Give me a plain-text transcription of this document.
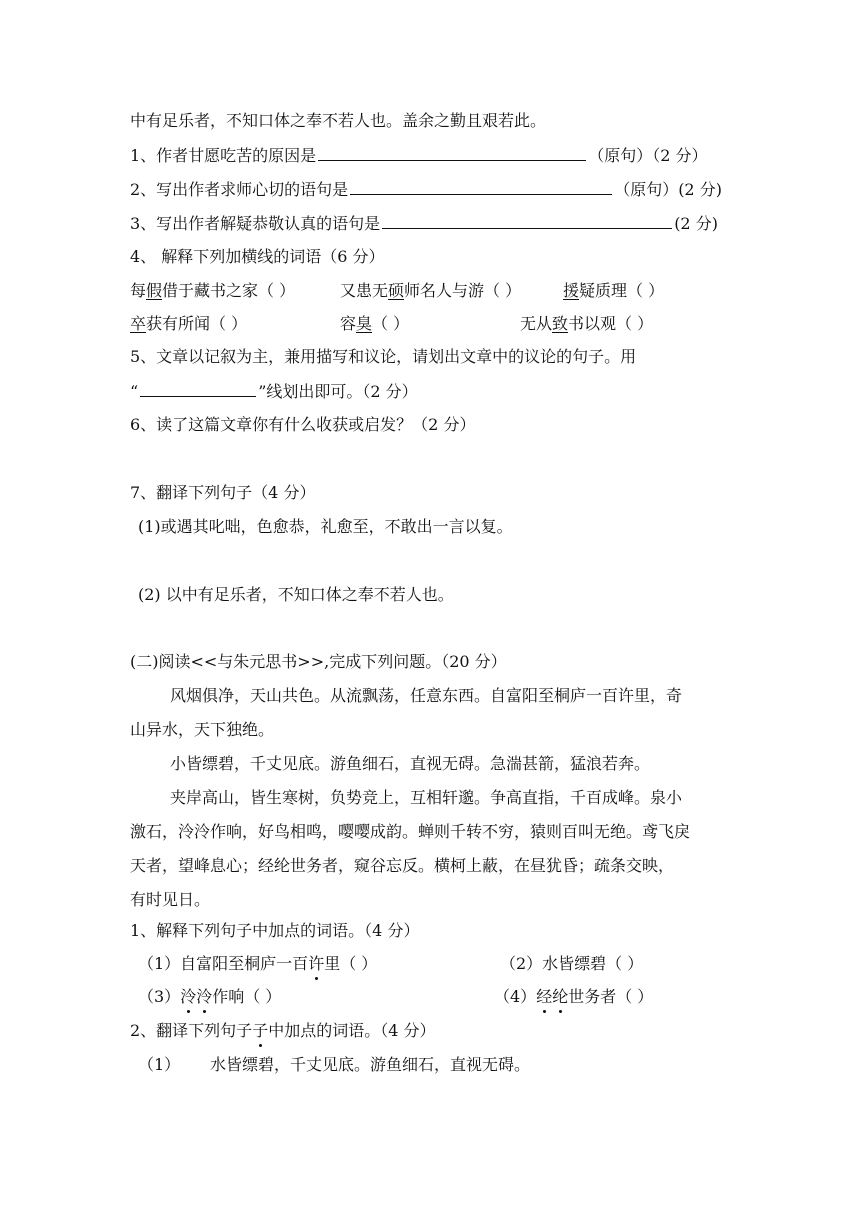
中有足乐者，不知口体之奉不若人也。盖余之勤且艰若此。
1、作者甘愿吃苦的原因是	（原句）（2 分）
2、写出作者求师心切的语句是	（原句）(2 分)
3、写出作者解疑恭敬认真的语句是	(2 分)
4、 解释下列加横线的词语（6 分）
每假借于藏书之家（ ）	又患无硕师名人与游（ ）	援疑质理（ ）
卒获有所闻（ ）	容臭（ ）	无从致书以观（ ）
5、文章以记叙为主，兼用描写和议论，请划出文章中的议论的句子。用
“	”线划出即可。（2 分）
6、读了这篇文章你有什么收获或启发？（2 分）
7、翻译下列句子（4 分）
(1)或遇其叱咄，色愈恭，礼愈至，不敢出一言以复。
(2) 以中有足乐者，不知口体之奉不若人也。
(二)阅读<<与朱元思书>>,完成下列问题。（20 分）
风烟俱净，天山共色。从流飘荡，任意东西。自富阳至桐庐一百许里，奇
山异水，天下独绝。
小皆缥碧，千丈见底。游鱼细石，直视无碍。急湍甚箭，猛浪若奔。
夹岸高山，皆生寒树，负势竞上，互相轩邈。争高直指，千百成峰。泉小
激石，泠泠作响，好鸟相鸣，嘤嘤成韵。蝉则千转不穷，猿则百叫无绝。鸢飞戾
天者，望峰息心；经纶世务者，窥谷忘反。横柯上蔽，在昼犹昏；疏条交映，
有时见日。
1、解释下列句子中加点的词语。（4 分）
（1）自富阳至桐庐一百许里（ ）	（2）水皆缥碧（ ）
（3）泠泠作响（ ）	（4）经纶世务者（ ）
2、翻译下列句子子中加点的词语。（4 分）
（1） 水皆缥碧，千丈见底。游鱼细石，直视无碍。
